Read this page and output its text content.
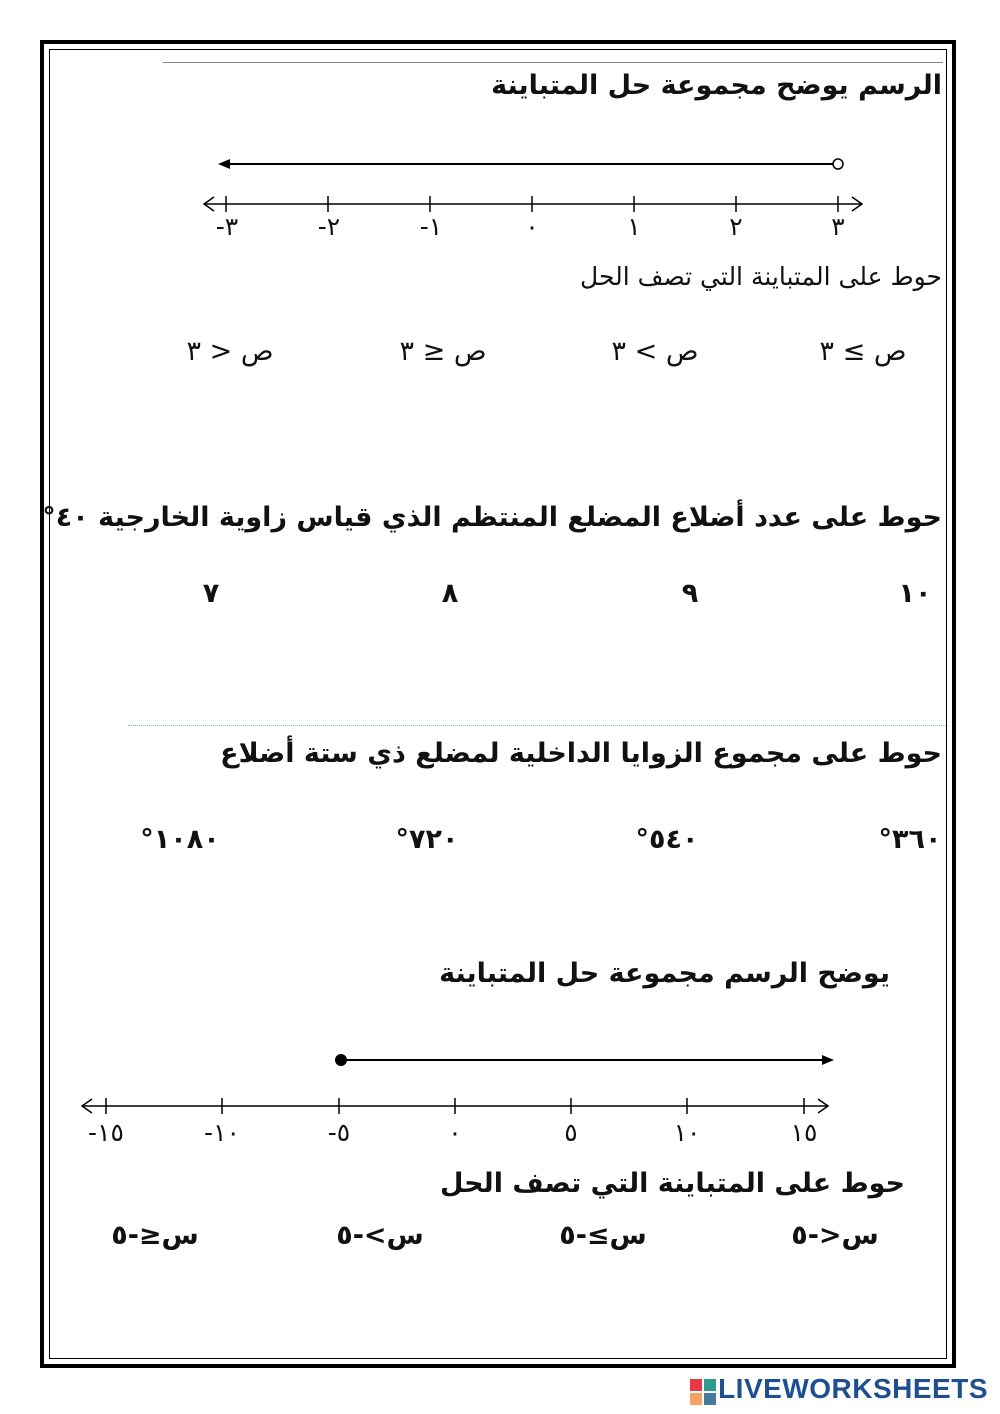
الرسم يوضح مجموعة حل المتباينة
٣-	٢-	١-	٠	١	٢	٣
حوط على المتباينة التي تصف الحل
ص ≥ ٣
ص > ٣
ص ≤ ٣
ص < ٣
حوط على عدد أضلاع المضلع المنتظم الذي قياس زاوية الخارجية ٤٠°
١٠
٩
٨
٧
حوط على مجموع الزوايا الداخلية لمضلع ذي ستة أضلاع
٣٦٠°
٥٤٠°
٧٢٠°
١٠٨٠°
يوضح الرسم مجموعة حل المتباينة
١٥-	١٠-	٥-	٠	٥	١٠	١٥
حوط على المتباينة التي تصف الحل
س<-٥
س≥-٥
س>-٥
س≤-٥
LIVEWORKSHEETS
